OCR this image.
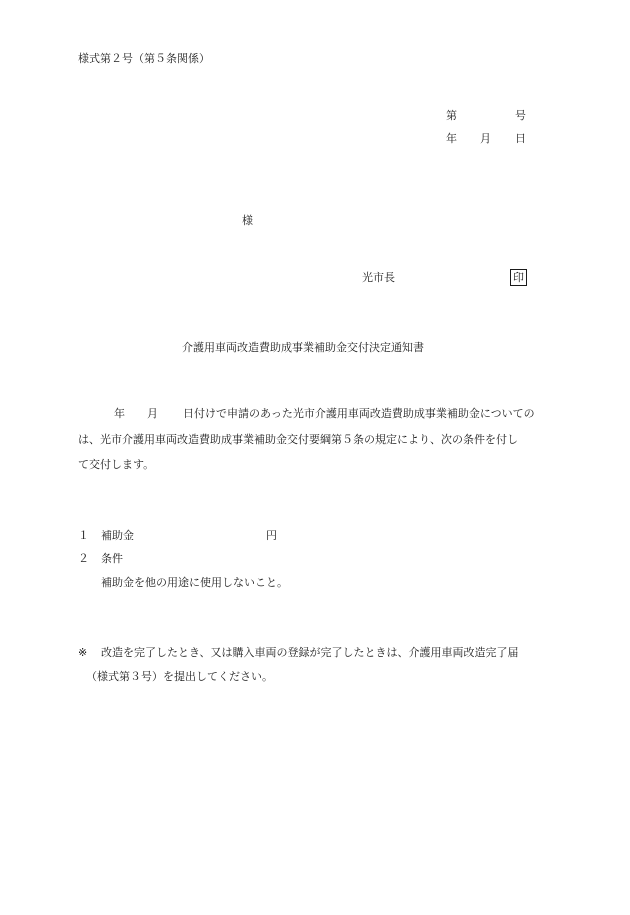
様式第２号（第５条関係）
第	号
年 月 日
様
光市長	印
介護用車両改造費助成事業補助金交付決定通知書
年 月 日付けで申請のあった光市介護用車両改造費助成事業補助金についての
は、光市介護用車両改造費助成事業補助金交付要綱第５条の規定により、次の条件を付し
て交付します。
１ 補助金	円
２ 条件
補助金を他の用途に使用しないこと。
※ 改造を完了したとき、又は購入車両の登録が完了したときは、介護用車両改造完了届
（様式第３号）を提出してください。
